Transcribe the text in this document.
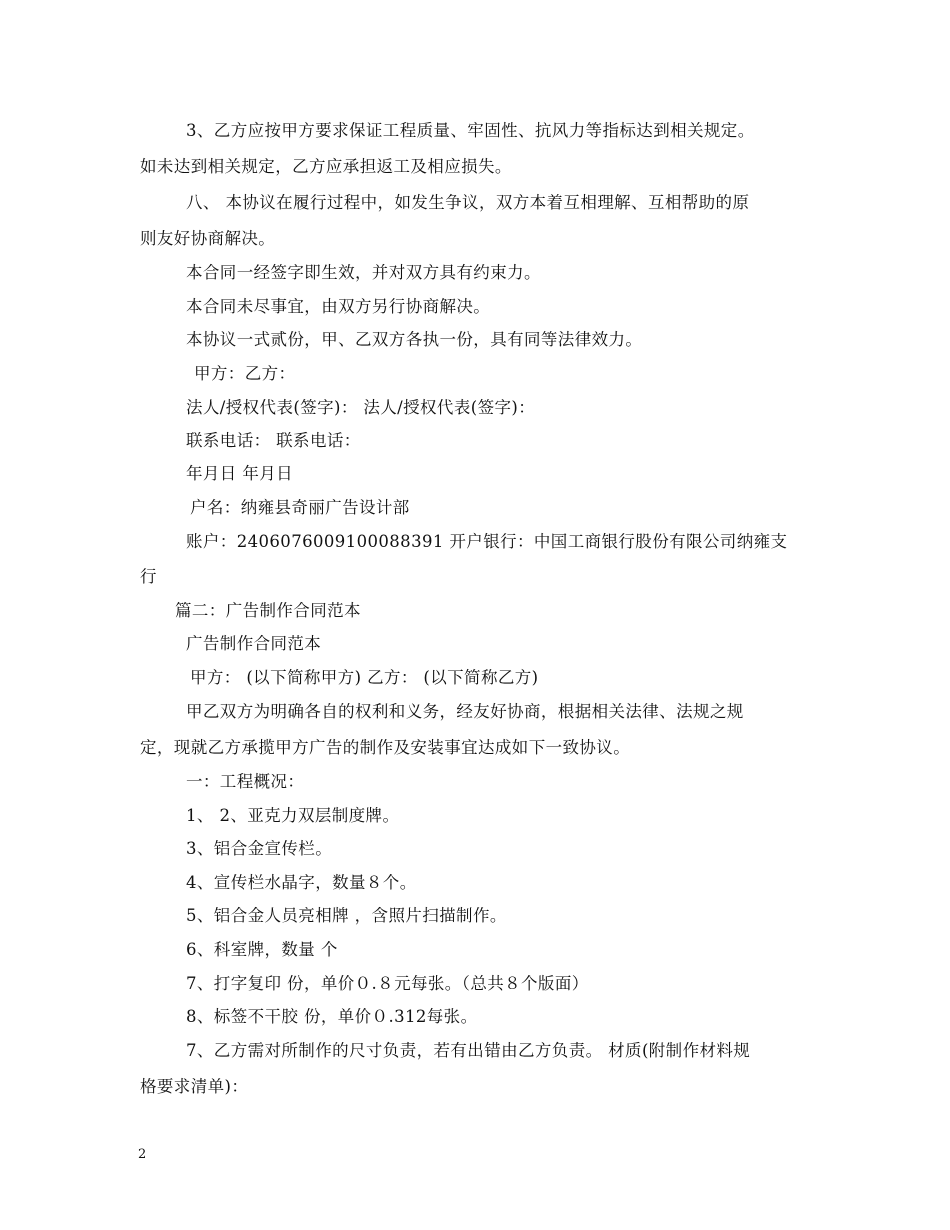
3、乙方应按甲方要求保证工程质量、牢固性、抗风力等指标达到相关规定。
如未达到相关规定，乙方应承担返工及相应损失。
八、 本协议在履行过程中，如发生争议，双方本着互相理解、互相帮助的原
则友好协商解决。
本合同一经签字即生效，并对双方具有约束力。
本合同未尽事宜，由双方另行协商解决。
本协议一式贰份，甲、乙双方各执一份，具有同等法律效力。
甲方：乙方：
法人/授权代表(签字)： 法人/授权代表(签字)：
联系电话： 联系电话：
年月日 年月日
户名：纳雍县奇丽广告设计部
账户：2406076009100088391 开户银行：中国工商银行股份有限公司纳雍支
行
篇二：广告制作合同范本
广告制作合同范本
甲方： (以下简称甲方) 乙方： (以下简称乙方)
甲乙双方为明确各自的权利和义务，经友好协商，根据相关法律、法规之规
定，现就乙方承揽甲方广告的制作及安装事宜达成如下一致协议。
一：工程概况：
1、 2、亚克力双层制度牌。
3、铝合金宣传栏。
4、宣传栏水晶字，数量８个。
5、铝合金人员亮相牌 ，含照片扫描制作。
6、科室牌，数量 个
7、打字复印 份，单价０.８元每张。（总共８个版面）
8、标签不干胶 份，单价０.312每张。
7、乙方需对所制作的尺寸负责，若有出错由乙方负责。 材质(附制作材料规
格要求清单)：
2
